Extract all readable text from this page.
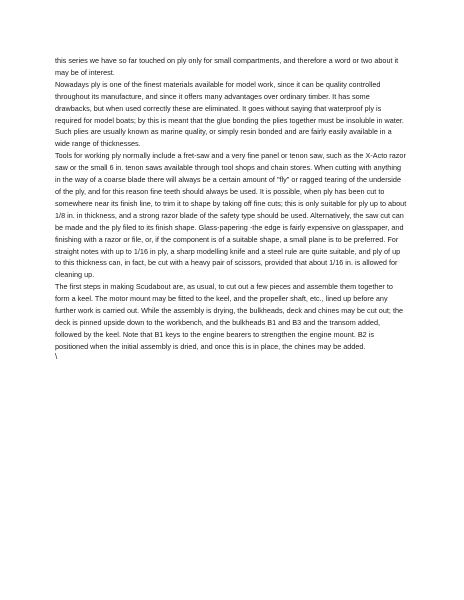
this series we have so far touched on ply only for small compartments, and therefore a word or two about it may be of interest.

Nowadays ply is one of the finest materials available for model work, since it can be quality controlled throughout its manufacture, and since it offers many advantages over ordinary timber. It has some drawbacks, but when used correctly these are eliminated. It goes without saying that waterproof ply is required for model boats; by this is meant that the glue bonding the plies together must be insoluble in water. Such plies are usually known as marine quality, or simply resin bonded and are fairly easily available in a wide range of thicknesses.

Tools for working ply normally include a fret-saw and a very fine panel or tenon saw, such as the X-Acto razor saw or the small 6 in. tenon saws available through tool shops and chain stores. When cutting with anything in the way of a coarse blade there will always be a certain amount of "fly" or ragged tearing of the underside of the ply, and for this reason fine teeth should always be used. It is possible, when ply has been cut to somewhere near its finish line, to trim it to shape by taking off fine cuts; this is only suitable for ply up to about 1/8 in. in thickness, and a strong razor blade of the safety type should be used. Alternatively, the saw cut can be made and the ply filed to its finish shape. Glass-papering -the edge is fairly expensive on glasspaper, and finishing with a razor or file, or, if the component is of a suitable shape, a small plane is to be preferred. For straight notes with up to 1/16 in ply, a sharp modelling knife and a steel rule are quite suitable, and ply of up to this thickness can, in fact, be cut with a heavy pair of scissors, provided that about 1/16 in. is allowed for cleaning up.

The first steps in making Scudabout are, as usual, to cut out a few pieces and assemble them together to form a keel. The motor mount may be fitted to the keel, and the propeller shaft, etc., lined up before any further work is carried out. While the assembly is drying, the bulkheads, deck and chines may be cut out; the deck is pinned upside down to the workbench, and the bulkheads B1 and B3 and the transom added, followed by the keel. Note that B1 keys to the engine bearers to strengthen the engine mount. B2 is positioned when the initial assembly is dried, and once this is in place, the chines may be added.

\
